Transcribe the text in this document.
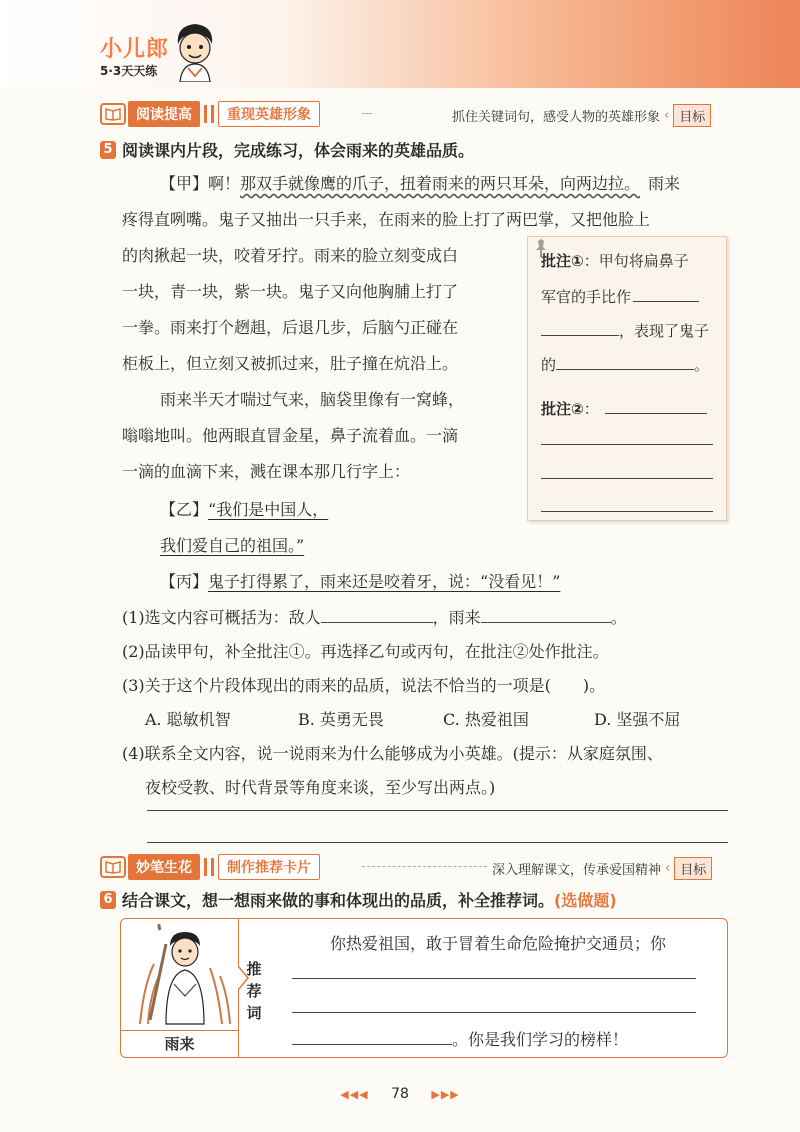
小儿郎
5·3天天练
阅读提高	重现英雄形象	抓住关键词句，感受人物的英雄形象 ‹ 目标
5 阅读课内片段，完成练习，体会雨来的英雄品质。
【甲】啊！那双手就像鹰的爪子，扭着雨来的两只耳朵，向两边拉。 雨来
疼得直咧嘴。鬼子又抽出一只手来，在雨来的脸上打了两巴掌，又把他脸上
的肉揪起一块，咬着牙拧。雨来的脸立刻变成白
一块，青一块，紫一块。鬼子又向他胸脯上打了
一拳。雨来打个趔趄，后退几步，后脑勺正碰在
柜板上，但立刻又被抓过来，肚子撞在炕沿上。
雨来半天才喘过气来，脑袋里像有一窝蜂，
嗡嗡地叫。他两眼直冒金星，鼻子流着血。一滴
一滴的血滴下来，溅在课本那几行字上：
【乙】“我们是中国人，
我们爱自己的祖国。”
【丙】鬼子打得累了，雨来还是咬着牙，说：“没看见！”
批注①：甲句将扁鼻子
军官的手比作
，表现了鬼子
的	。
批注②：
(1)选文内容可概括为：敌人	，雨来	。
(2)品读甲句，补全批注①。再选择乙句或丙句，在批注②处作批注。
(3)关于这个片段体现出的雨来的品质，说法不恰当的一项是(　　)。
A. 聪敏机智	B. 英勇无畏	C. 热爱祖国	D. 坚强不屈
(4)联系全文内容，说一说雨来为什么能够成为小英雄。(提示：从家庭氛围、
夜校受教、时代背景等角度来谈，至少写出两点。)
妙笔生花	制作推荐卡片	深入理解课文，传承爱国精神 ‹ 目标
6 结合课文，想一想雨来做的事和体现出的品质，补全推荐词。 (选做题)
雨来
推
荐
词
你热爱祖国，敢于冒着生命危险掩护交通员；你
。你是我们学习的榜样！
◀◀◀ 78 ▶▶▶
